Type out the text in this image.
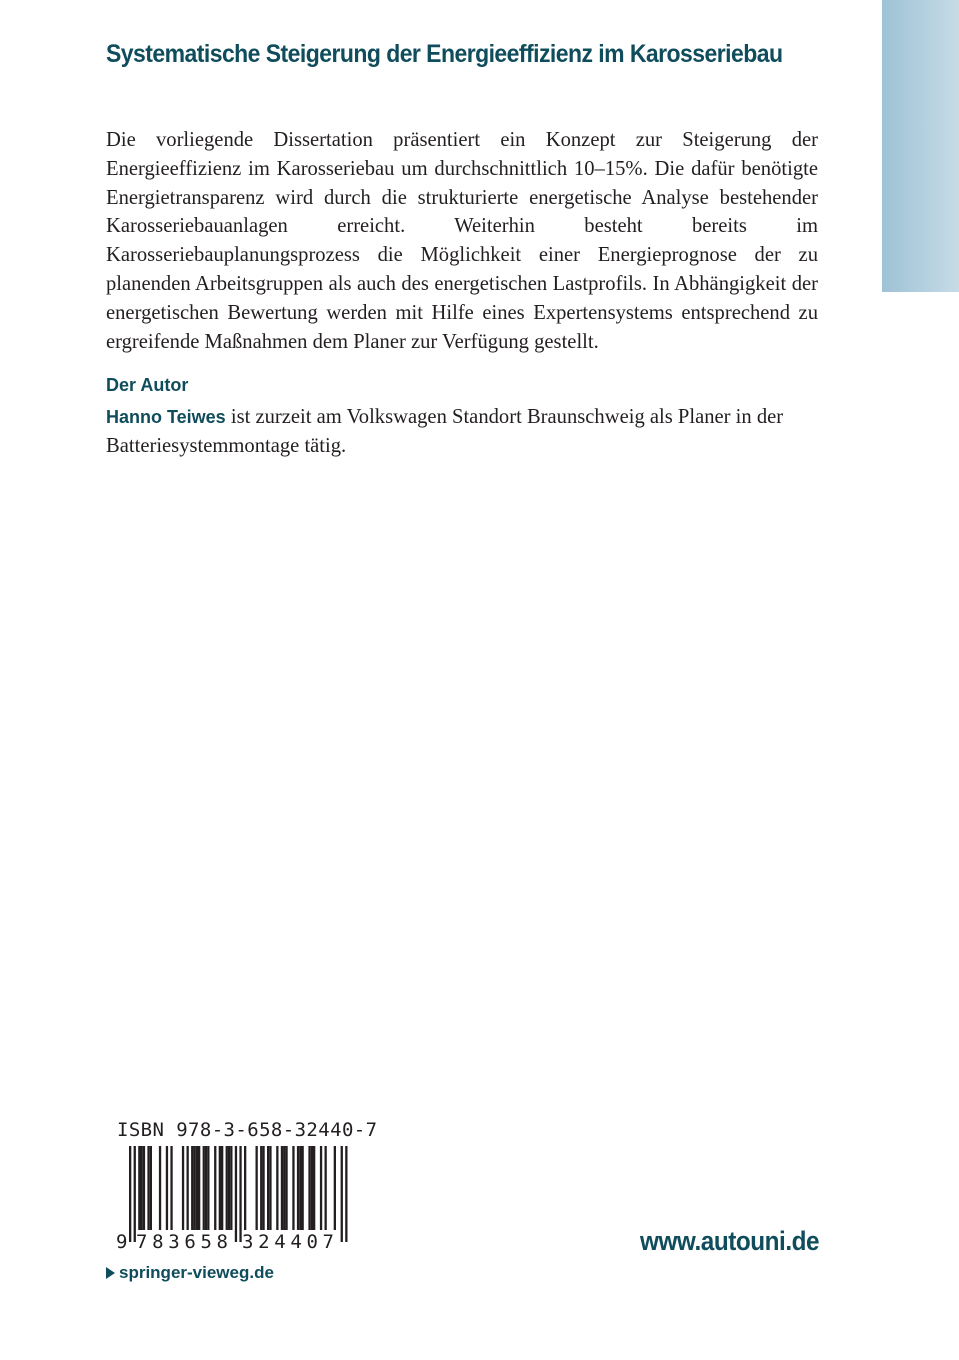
Systematische Steigerung der Energieeffizienz im Karosseriebau

Die vorliegende Dissertation präsentiert ein Konzept zur Steigerung der Energieeffizienz im Karosseriebau um durchschnittlich 10–15%. Die dafür benötigte Energietransparenz wird durch die strukturierte energetische Analyse bestehender Karosseriebauanlagen erreicht. Weiterhin besteht bereits im Karosseriebauplanungsprozess die Möglichkeit einer Energieprognose der zu planenden Arbeitsgruppen als auch des energetischen Lastprofils. In Abhängigkeit der energetischen Bewertung werden mit Hilfe eines Expertensystems entsprechend zu ergreifende Maßnahmen dem Planer zur Verfügung gestellt.

Der Autor

Hanno Teiwes ist zurzeit am Volkswagen Standort Braunschweig als Planer in der Batteriesystemmontage tätig.

ISBN 978-3-658-32440-7
9 783658 324407	www.autouni.de
springer-vieweg.de
